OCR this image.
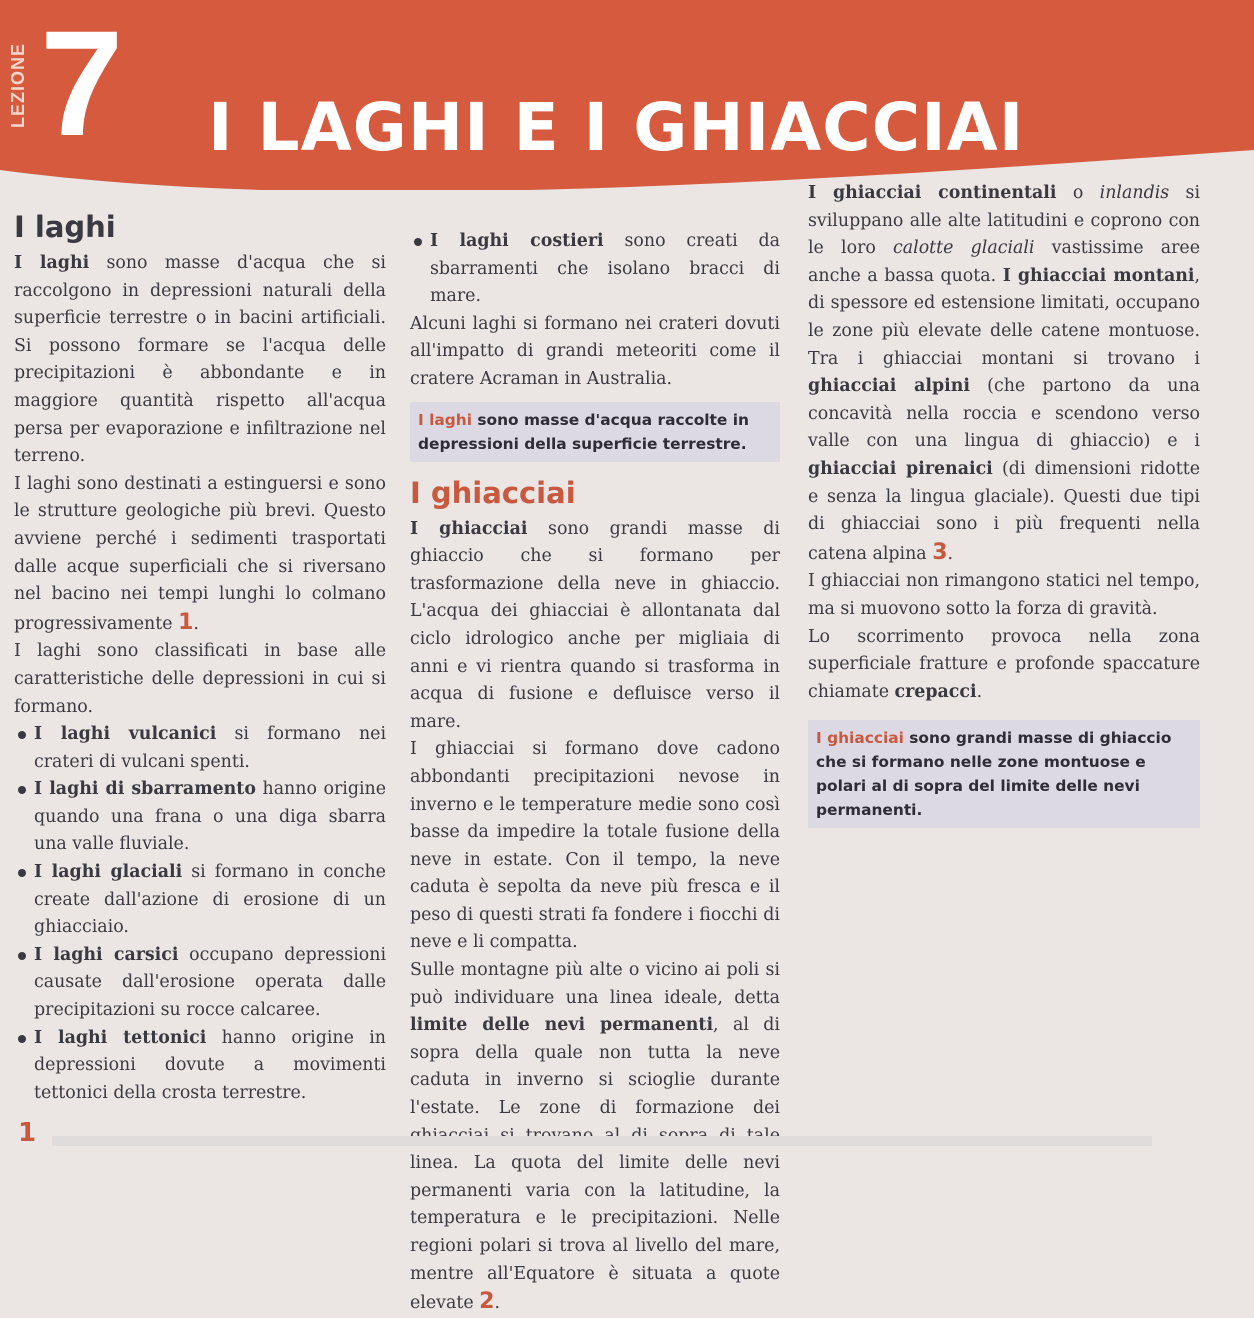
LEZIONE 7 I LAGHI E I GHIACCIAI
I laghi

I laghi sono masse d'acqua che si raccolgono in depressioni naturali della superficie terrestre o in bacini artificiali. Si possono formare se l'acqua delle precipitazioni è abbondante e in maggiore quantità rispetto all'acqua persa per evaporazione e infiltrazione nel terreno.

I laghi sono destinati a estinguersi e sono le strutture geologiche più brevi. Questo avviene perché i sedimenti trasportati dalle acque superficiali che si riversano nel bacino nei tempi lunghi lo colmano progressivamente 1.

I laghi sono classificati in base alle caratteristiche delle depressioni in cui si formano.

I laghi vulcanici si formano nei crateri di vulcani spenti.
I laghi di sbarramento hanno origine quando una frana o una diga sbarra una valle fluviale.
I laghi glaciali si formano in conche create dall'azione di erosione di un ghiacciaio.
I laghi carsici occupano depressioni causate dall'erosione operata dalle precipitazioni su rocce calcaree.
I laghi tettonici hanno origine in depressioni dovute a movimenti tettonici della crosta terrestre.
I laghi costieri sono creati da sbarramenti che isolano bracci di mare.

Alcuni laghi si formano nei crateri dovuti all'impatto di grandi meteoriti come il cratere Acraman in Australia.

I laghi sono masse d'acqua raccolte in depressioni della superficie terrestre.
I ghiacciai

I ghiacciai sono grandi masse di ghiaccio che si formano per trasformazione della neve in ghiaccio. L'acqua dei ghiacciai è allontanata dal ciclo idrologico anche per migliaia di anni e vi rientra quando si trasforma in acqua di fusione e defluisce verso il mare.

I ghiacciai si formano dove cadono abbondanti precipitazioni nevose in inverno e le temperature medie sono così basse da impedire la totale fusione della neve in estate. Con il tempo, la neve caduta è sepolta da neve più fresca e il peso di questi strati fa fondere i fiocchi di neve e li compatta.

Sulle montagne più alte o vicino ai poli si può individuare una linea ideale, detta limite delle nevi permanenti, al di sopra della quale non tutta la neve caduta in inverno si scioglie durante l'estate. Le zone di formazione dei linea. La quota del limite delle nevi permanenti varia con la latitudine, la temperatura e le precipitazioni. Nelle regioni polari si trova al livello del mare, mentre all'Equatore è situata a quote elevate 2.

I ghiacciai continentali o inlandis si sviluppano alle alte latitudini e coprono con le loro calotte glaciali vastissime aree anche a bassa quota. I ghiacciai montani, di spessore ed estensione limitati, occupano le zone più elevate delle catene montuose. Tra i ghiacciai montani si trovano i ghiacciai alpini (che partono da una concavità nella roccia e scendono verso valle con una lingua di ghiaccio) e i ghiacciai pirenaici (di dimensioni ridotte e senza la lingua glaciale). Questi due tipi di ghiacciai sono i più frequenti nella catena alpina 3.

I ghiacciai non rimangono statici nel tempo, ma si muovono sotto la forza di gravità.

Lo scorrimento provoca nella zona superficiale fratture e profonde spaccature chiamate crepacci.

I ghiacciai sono grandi masse di ghiaccio che si formano nelle zone montuose e polari al di sopra del limite delle nevi permanenti.
1
